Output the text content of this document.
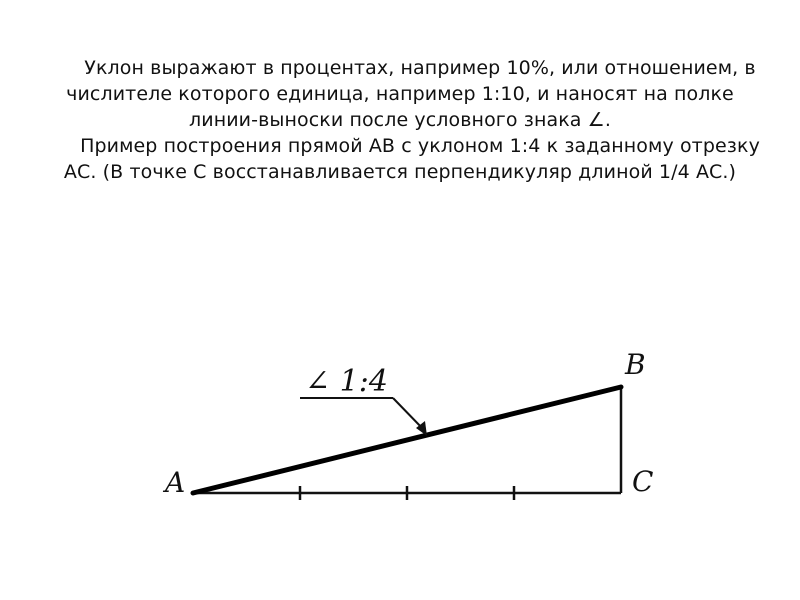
Уклон выражают в процентах, например 10%, или отношением, в числителе которого единица, например 1:10, и наносят на полке линии-выноски после условного знака ∠.

Пример построения прямой АВ с уклоном 1:4 к заданному отрезку АС. (В точке С восстанавливается перпендикуляр длиной 1/4 АС.)

∠ 1:4
A
B
C
